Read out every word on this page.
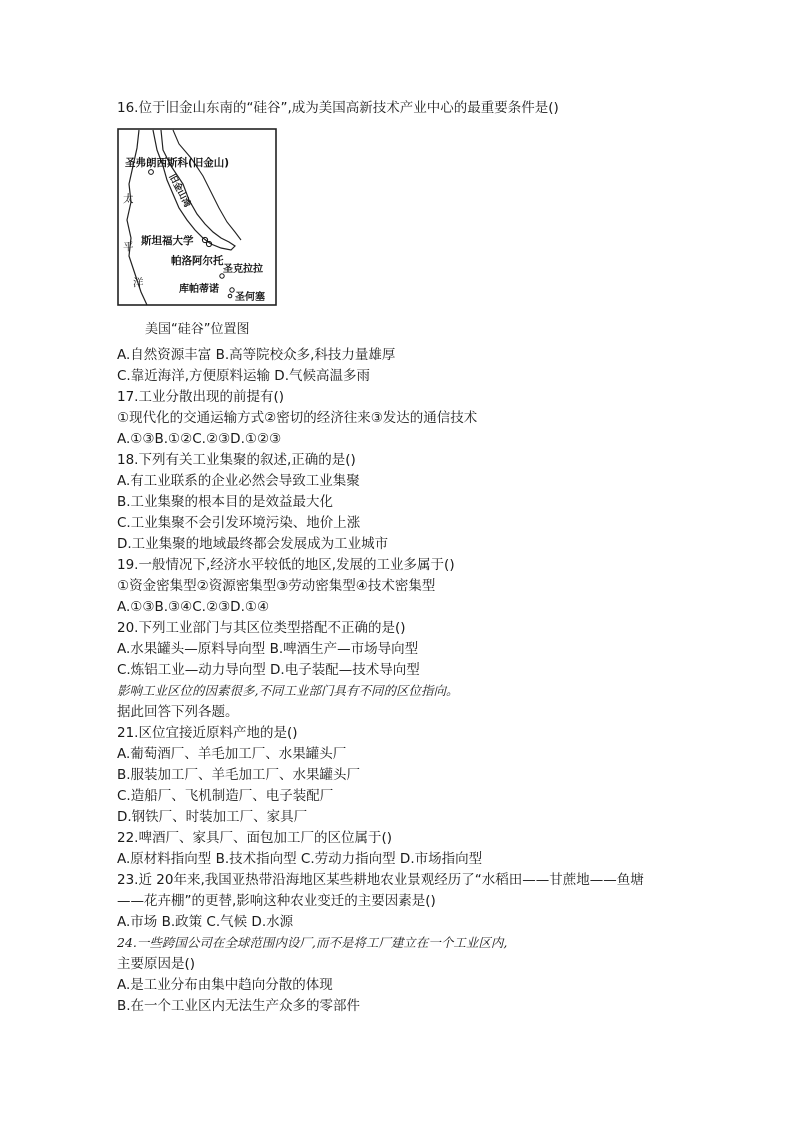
16.位于旧金山东南的“硅谷”,成为美国高新技术产业中心的最重要条件是()
圣弗朗西斯科(旧金山)
旧金山湾
斯坦福大学
帕洛阿尔托
圣克拉拉
库帕蒂诺
圣何塞
太
平
洋
美国“硅谷”位置图
A.自然资源丰富 B.高等院校众多,科技力量雄厚
C.靠近海洋,方便原料运输 D.气候高温多雨
17.工业分散出现的前提有()
①现代化的交通运输方式②密切的经济往来③发达的通信技术
A.①③B.①②C.②③D.①②③
18.下列有关工业集聚的叙述,正确的是()
A.有工业联系的企业必然会导致工业集聚
B.工业集聚的根本目的是效益最大化
C.工业集聚不会引发环境污染、地价上涨
D.工业集聚的地域最终都会发展成为工业城市
19.一般情况下,经济水平较低的地区,发展的工业多属于()
①资金密集型②资源密集型③劳动密集型④技术密集型
A.①③B.③④C.②③D.①④
20.下列工业部门与其区位类型搭配不正确的是()
A.水果罐头—原料导向型 B.啤酒生产—市场导向型
C.炼铝工业—动力导向型 D.电子装配—技术导向型
影响工业区位的因素很多,不同工业部门具有不同的区位指向。
据此回答下列各题。
21.区位宜接近原料产地的是()
A.葡萄酒厂、羊毛加工厂、水果罐头厂
B.服装加工厂、羊毛加工厂、水果罐头厂
C.造船厂、飞机制造厂、电子装配厂
D.钢铁厂、时装加工厂、家具厂
22.啤酒厂、家具厂、面包加工厂的区位属于()
A.原材料指向型 B.技术指向型 C.劳动力指向型 D.市场指向型
23.近 20年来,我国亚热带沿海地区某些耕地农业景观经历了“水稻田——甘蔗地——鱼塘
——花卉棚”的更替,影响这种农业变迁的主要因素是()
A.市场 B.政策 C.气候 D.水源
24.一些跨国公司在全球范围内设厂,而不是将工厂建立在一个工业区内,
主要原因是()
A.是工业分布由集中趋向分散的体现
B.在一个工业区内无法生产众多的零部件
